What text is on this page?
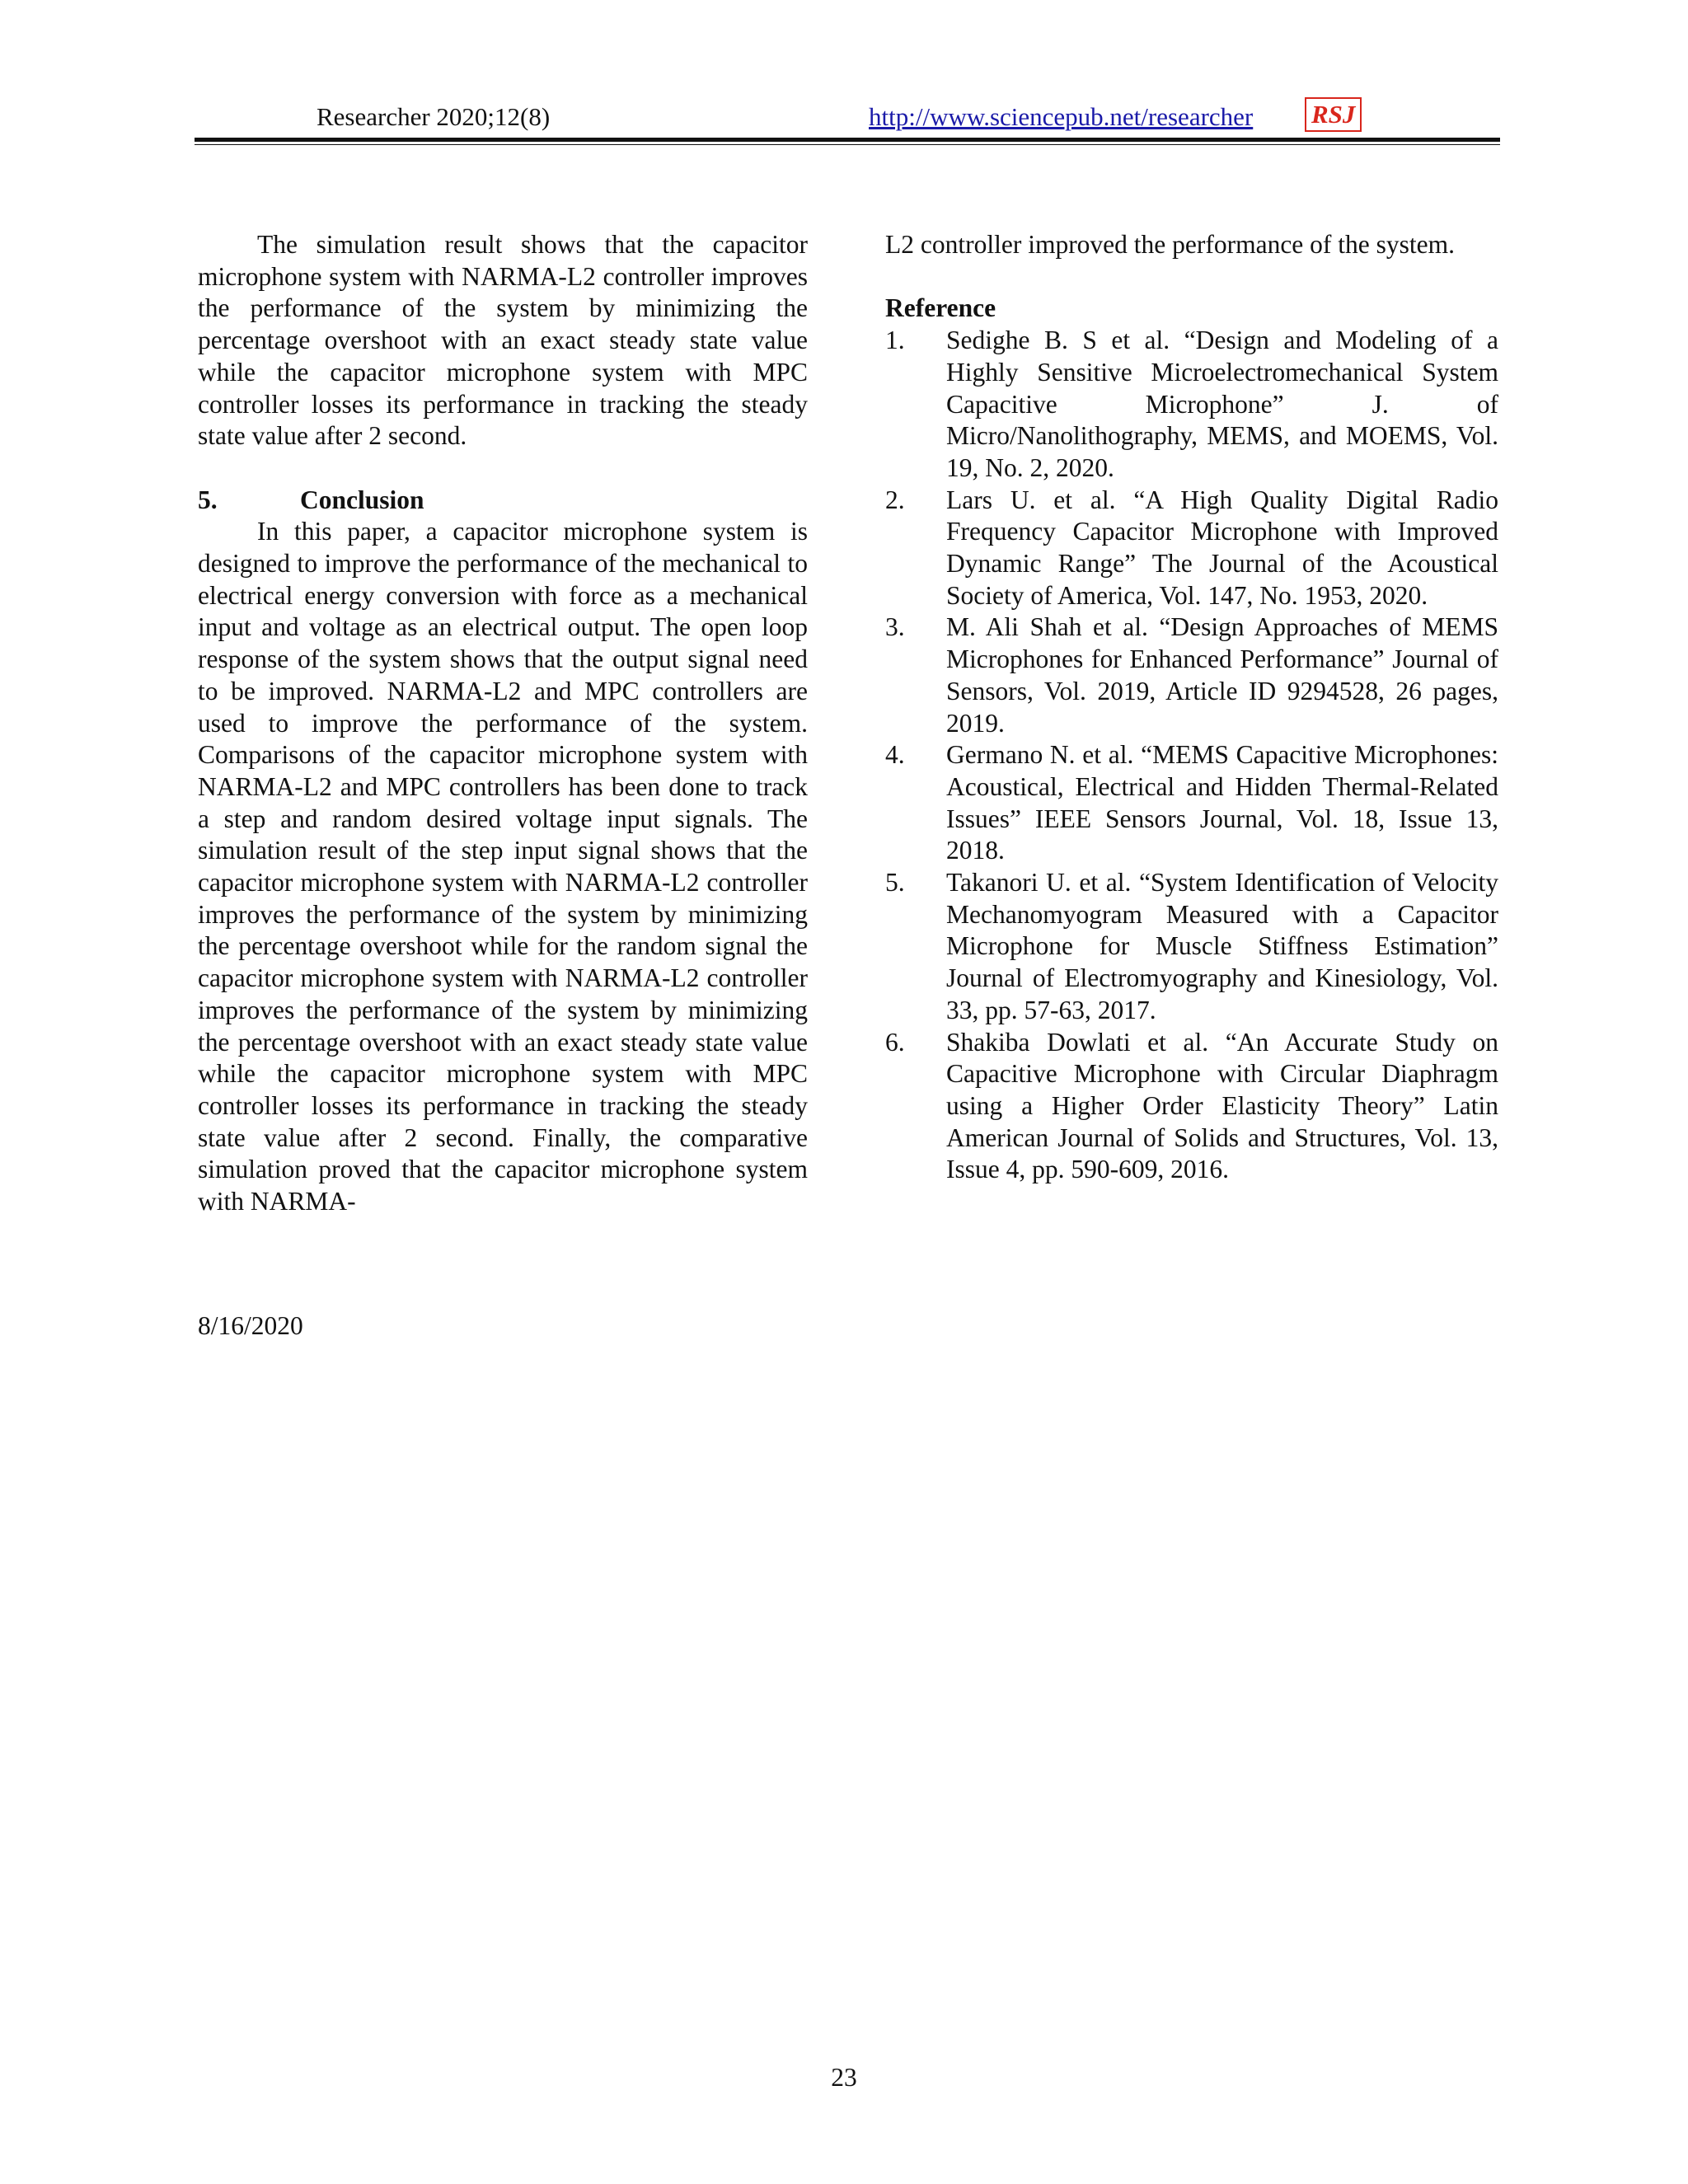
Researcher 2020;12(8)	http://www.sciencepub.net/researcher RSJ

The simulation result shows that the capacitor microphone system with NARMA-L2 controller improves the performance of the system by minimizing the percentage overshoot with an exact steady state value while the capacitor microphone system with MPC controller losses its performance in tracking the steady state value after 2 second.

5.	Conclusion

In this paper, a capacitor microphone system is designed to improve the performance of the mechanical to electrical energy conversion with force as a mechanical input and voltage as an electrical output. The open loop response of the system shows that the output signal need to be improved. NARMA-L2 and MPC controllers are used to improve the performance of the system. Comparisons of the capacitor microphone system with NARMA-L2 and MPC controllers has been done to track a step and random desired voltage input signals. The simulation result of the step input signal shows that the capacitor microphone system with NARMA-L2 controller improves the performance of the system by minimizing the percentage overshoot while for the random signal the capacitor microphone system with NARMA-L2 controller improves the performance of the system by minimizing the percentage overshoot with an exact steady state value while the capacitor microphone system with MPC controller losses its performance in tracking the steady state value after 2 second. Finally, the comparative simulation proved that the capacitor microphone system with NARMA-

L2 controller improved the performance of the system.

Reference

1. Sedighe B. S et al. “Design and Modeling of a Highly Sensitive Microelectromechanical System Capacitive Microphone” J. of Micro/Nanolithography, MEMS, and MOEMS, Vol. 19, No. 2, 2020.
2. Lars U. et al. “A High Quality Digital Radio Frequency Capacitor Microphone with Improved Dynamic Range” The Journal of the Acoustical Society of America, Vol. 147, No. 1953, 2020.
3. M. Ali Shah et al. “Design Approaches of MEMS Microphones for Enhanced Performance” Journal of Sensors, Vol. 2019, Article ID 9294528, 26 pages, 2019.
4. Germano N. et al. “MEMS Capacitive Microphones: Acoustical, Electrical and Hidden Thermal-Related Issues” IEEE Sensors Journal, Vol. 18, Issue 13, 2018.
5. Takanori U. et al. “System Identification of Velocity Mechanomyogram Measured with a Capacitor Microphone for Muscle Stiffness Estimation” Journal of Electromyography and Kinesiology, Vol. 33, pp. 57-63, 2017.
6. Shakiba Dowlati et al. “An Accurate Study on Capacitive Microphone with Circular Diaphragm using a Higher Order Elasticity Theory” Latin American Journal of Solids and Structures, Vol. 13, Issue 4, pp. 590-609, 2016.
8/16/2020
23
